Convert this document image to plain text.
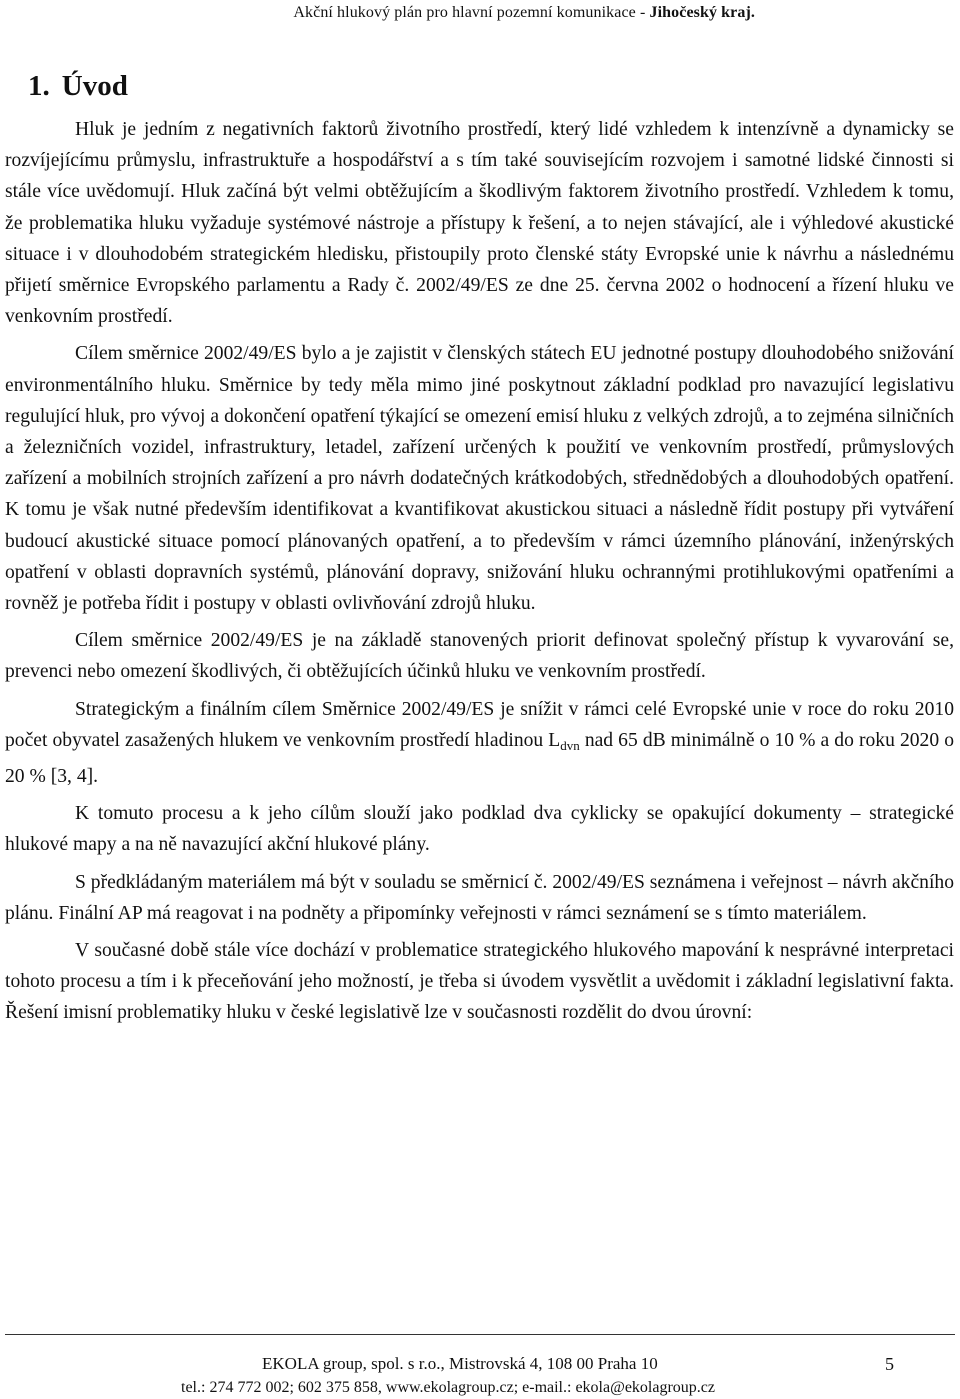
Akční hlukový plán pro hlavní pozemní komunikace - Jihočeský kraj.
1. Úvod

Hluk je jedním z negativních faktorů životního prostředí, který lidé vzhledem k intenzívně a dynamicky se rozvíjejícímu průmyslu, infrastruktuře a hospodářství a s tím také souvisejícím rozvojem i samotné lidské činnosti si stále více uvědomují. Hluk začíná být velmi obtěžujícím a škodlivým faktorem životního prostředí. Vzhledem k tomu, že problematika hluku vyžaduje systémové nástroje a přístupy k řešení, a to nejen stávající, ale i výhledové akustické situace i v dlouhodobém strategickém hledisku, přistoupily proto členské státy Evropské unie k návrhu a následnému přijetí směrnice Evropského parlamentu a Rady č. 2002/49/ES ze dne 25. června 2002 o hodnocení a řízení hluku ve venkovním prostředí.

Cílem směrnice 2002/49/ES bylo a je zajistit v členských státech EU jednotné postupy dlouhodobého snižování environmentálního hluku. Směrnice by tedy měla mimo jiné poskytnout základní podklad pro navazující legislativu regulující hluk, pro vývoj a dokončení opatření týkající se omezení emisí hluku z velkých zdrojů, a to zejména silničních a železničních vozidel, infrastruktury, letadel, zařízení určených k použití ve venkovním prostředí, průmyslových zařízení a mobilních strojních zařízení a pro návrh dodatečných krátkodobých, střednědobých a dlouhodobých opatření. K tomu je však nutné především identifikovat a kvantifikovat akustickou situaci a následně řídit postupy při vytváření budoucí akustické situace pomocí plánovaných opatření, a to především v rámci územního plánování, inženýrských opatření v oblasti dopravních systémů, plánování dopravy, snižování hluku ochrannými protihlukovými opatřeními a rovněž je potřeba řídit i postupy v oblasti ovlivňování zdrojů hluku.

Cílem směrnice 2002/49/ES je na základě stanovených priorit definovat společný přístup k vyvarování se, prevenci nebo omezení škodlivých, či obtěžujících účinků hluku ve venkovním prostředí.

Strategickým a finálním cílem Směrnice 2002/49/ES je snížit v rámci celé Evropské unie v roce do roku 2010 počet obyvatel zasažených hlukem ve venkovním prostředí hladinou $L_{dvn}$ nad 65 dB minimálně o 10 % a do roku 2020 o 20 % [3, 4].

K tomuto procesu a k jeho cílům slouží jako podklad dva cyklicky se opakující dokumenty – strategické hlukové mapy a na ně navazující akční hlukové plány.

S předkládaným materiálem má být v souladu se směrnicí č. 2002/49/ES seznámena i veřejnost – návrh akčního plánu. Finální AP má reagovat i na podněty a připomínky veřejnosti v rámci seznámení se s tímto materiálem.

V současné době stále více dochází v problematice strategického hlukového mapování k nesprávné interpretaci tohoto procesu a tím i k přeceňování jeho možností, je třeba si úvodem vysvětlit a uvědomit i základní legislativní fakta. Řešení imisní problematiky hluku v české legislativě lze v současnosti rozdělit do dvou úrovní:

EKOLA group, spol. s r.o., Mistrovská 4, 108 00 Praha 10
tel.: 274 772 002; 602 375 858, www.ekolagroup.cz; e-mail.: ekola@ekolagroup.cz
5
